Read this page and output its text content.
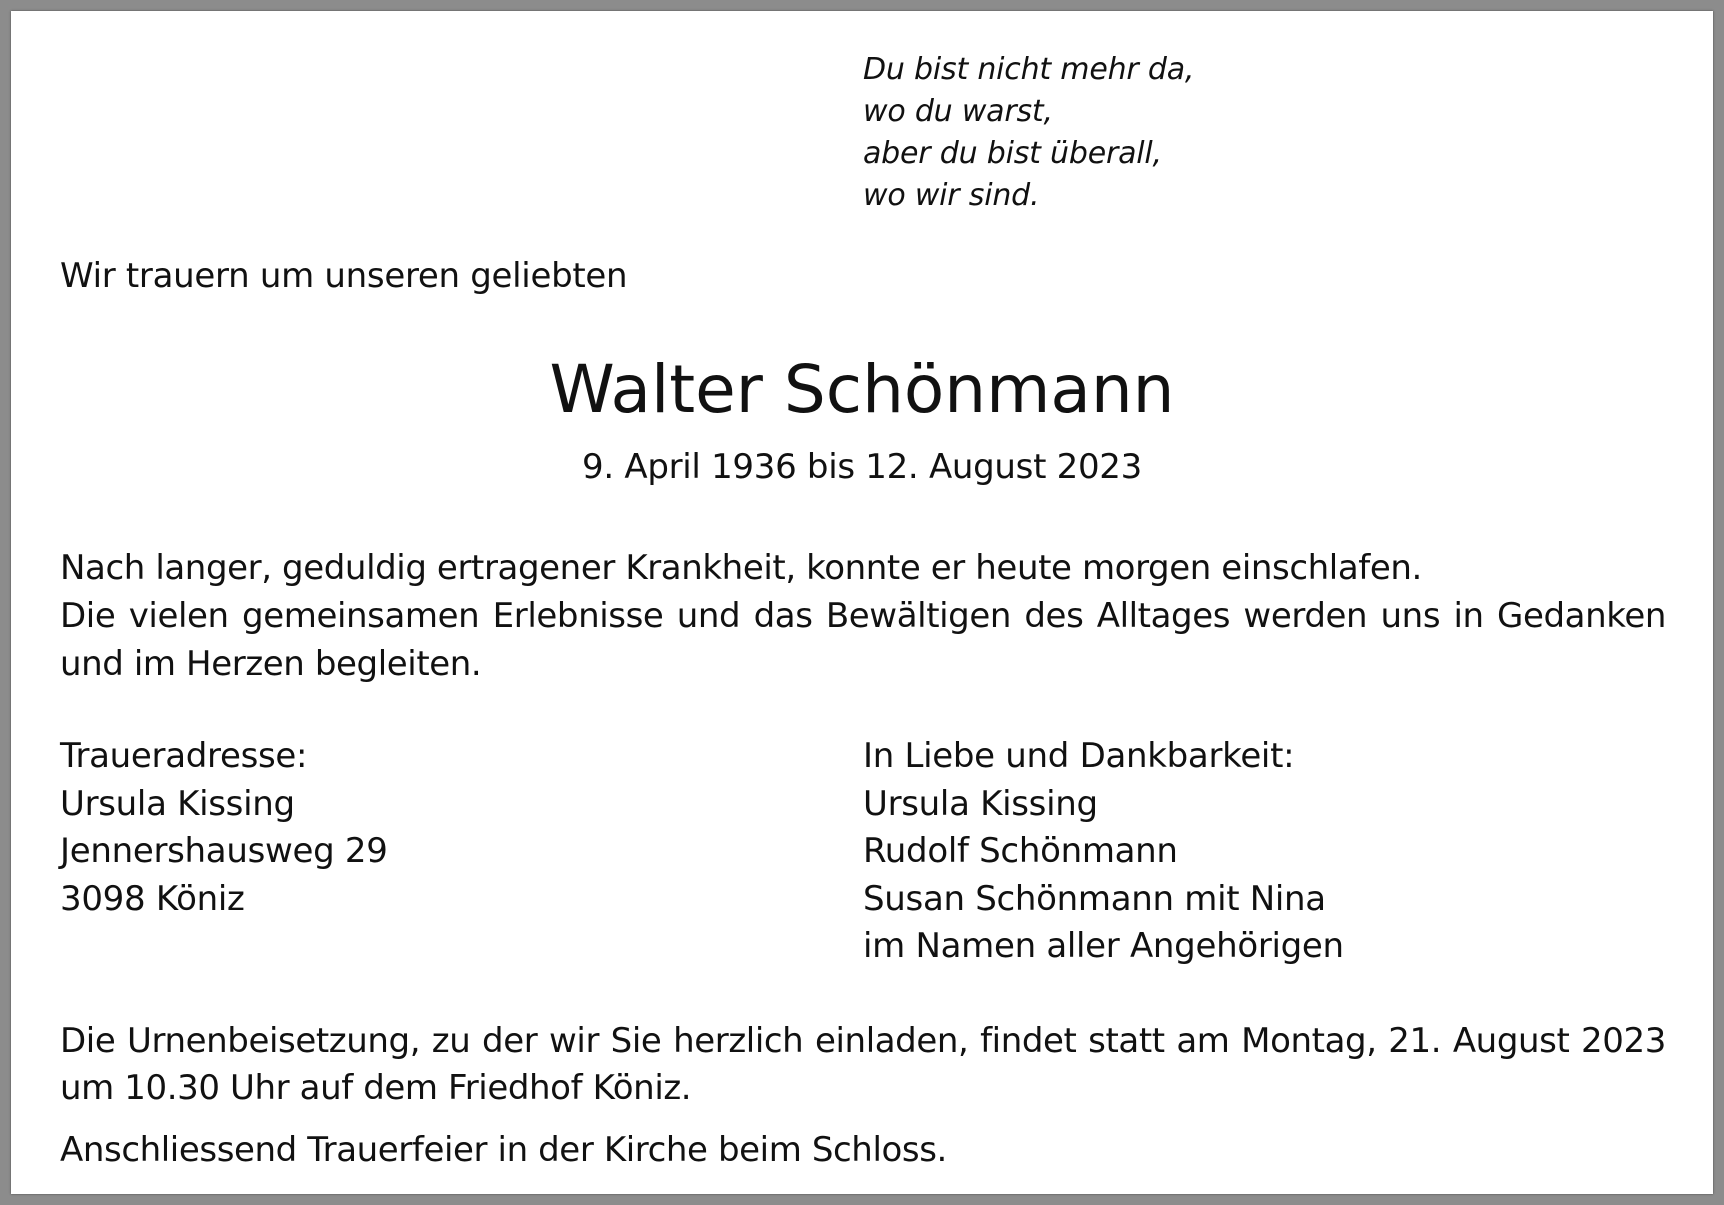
Du bist nicht mehr da,
wo du warst,
aber du bist überall,
wo wir sind.
Wir trauern um unseren geliebten
Walter Schönmann
9. April 1936 bis 12. August 2023
Nach langer, geduldig ertragener Krankheit, konnte er heute morgen einschlafen.
Die vielen gemeinsamen Erlebnisse und das Bewältigen des Alltages werden uns in Gedanken
und im Herzen begleiten.
Traueradresse:
Ursula Kissing
Jennershausweg 29
3098 Köniz
In Liebe und Dankbarkeit:
Ursula Kissing
Rudolf Schönmann
Susan Schönmann mit Nina
im Namen aller Angehörigen
Die Urnenbeisetzung, zu der wir Sie herzlich einladen, findet statt am Montag, 21. August 2023
um 10.30 Uhr auf dem Friedhof Köniz.
Anschliessend Trauerfeier in der Kirche beim Schloss.
